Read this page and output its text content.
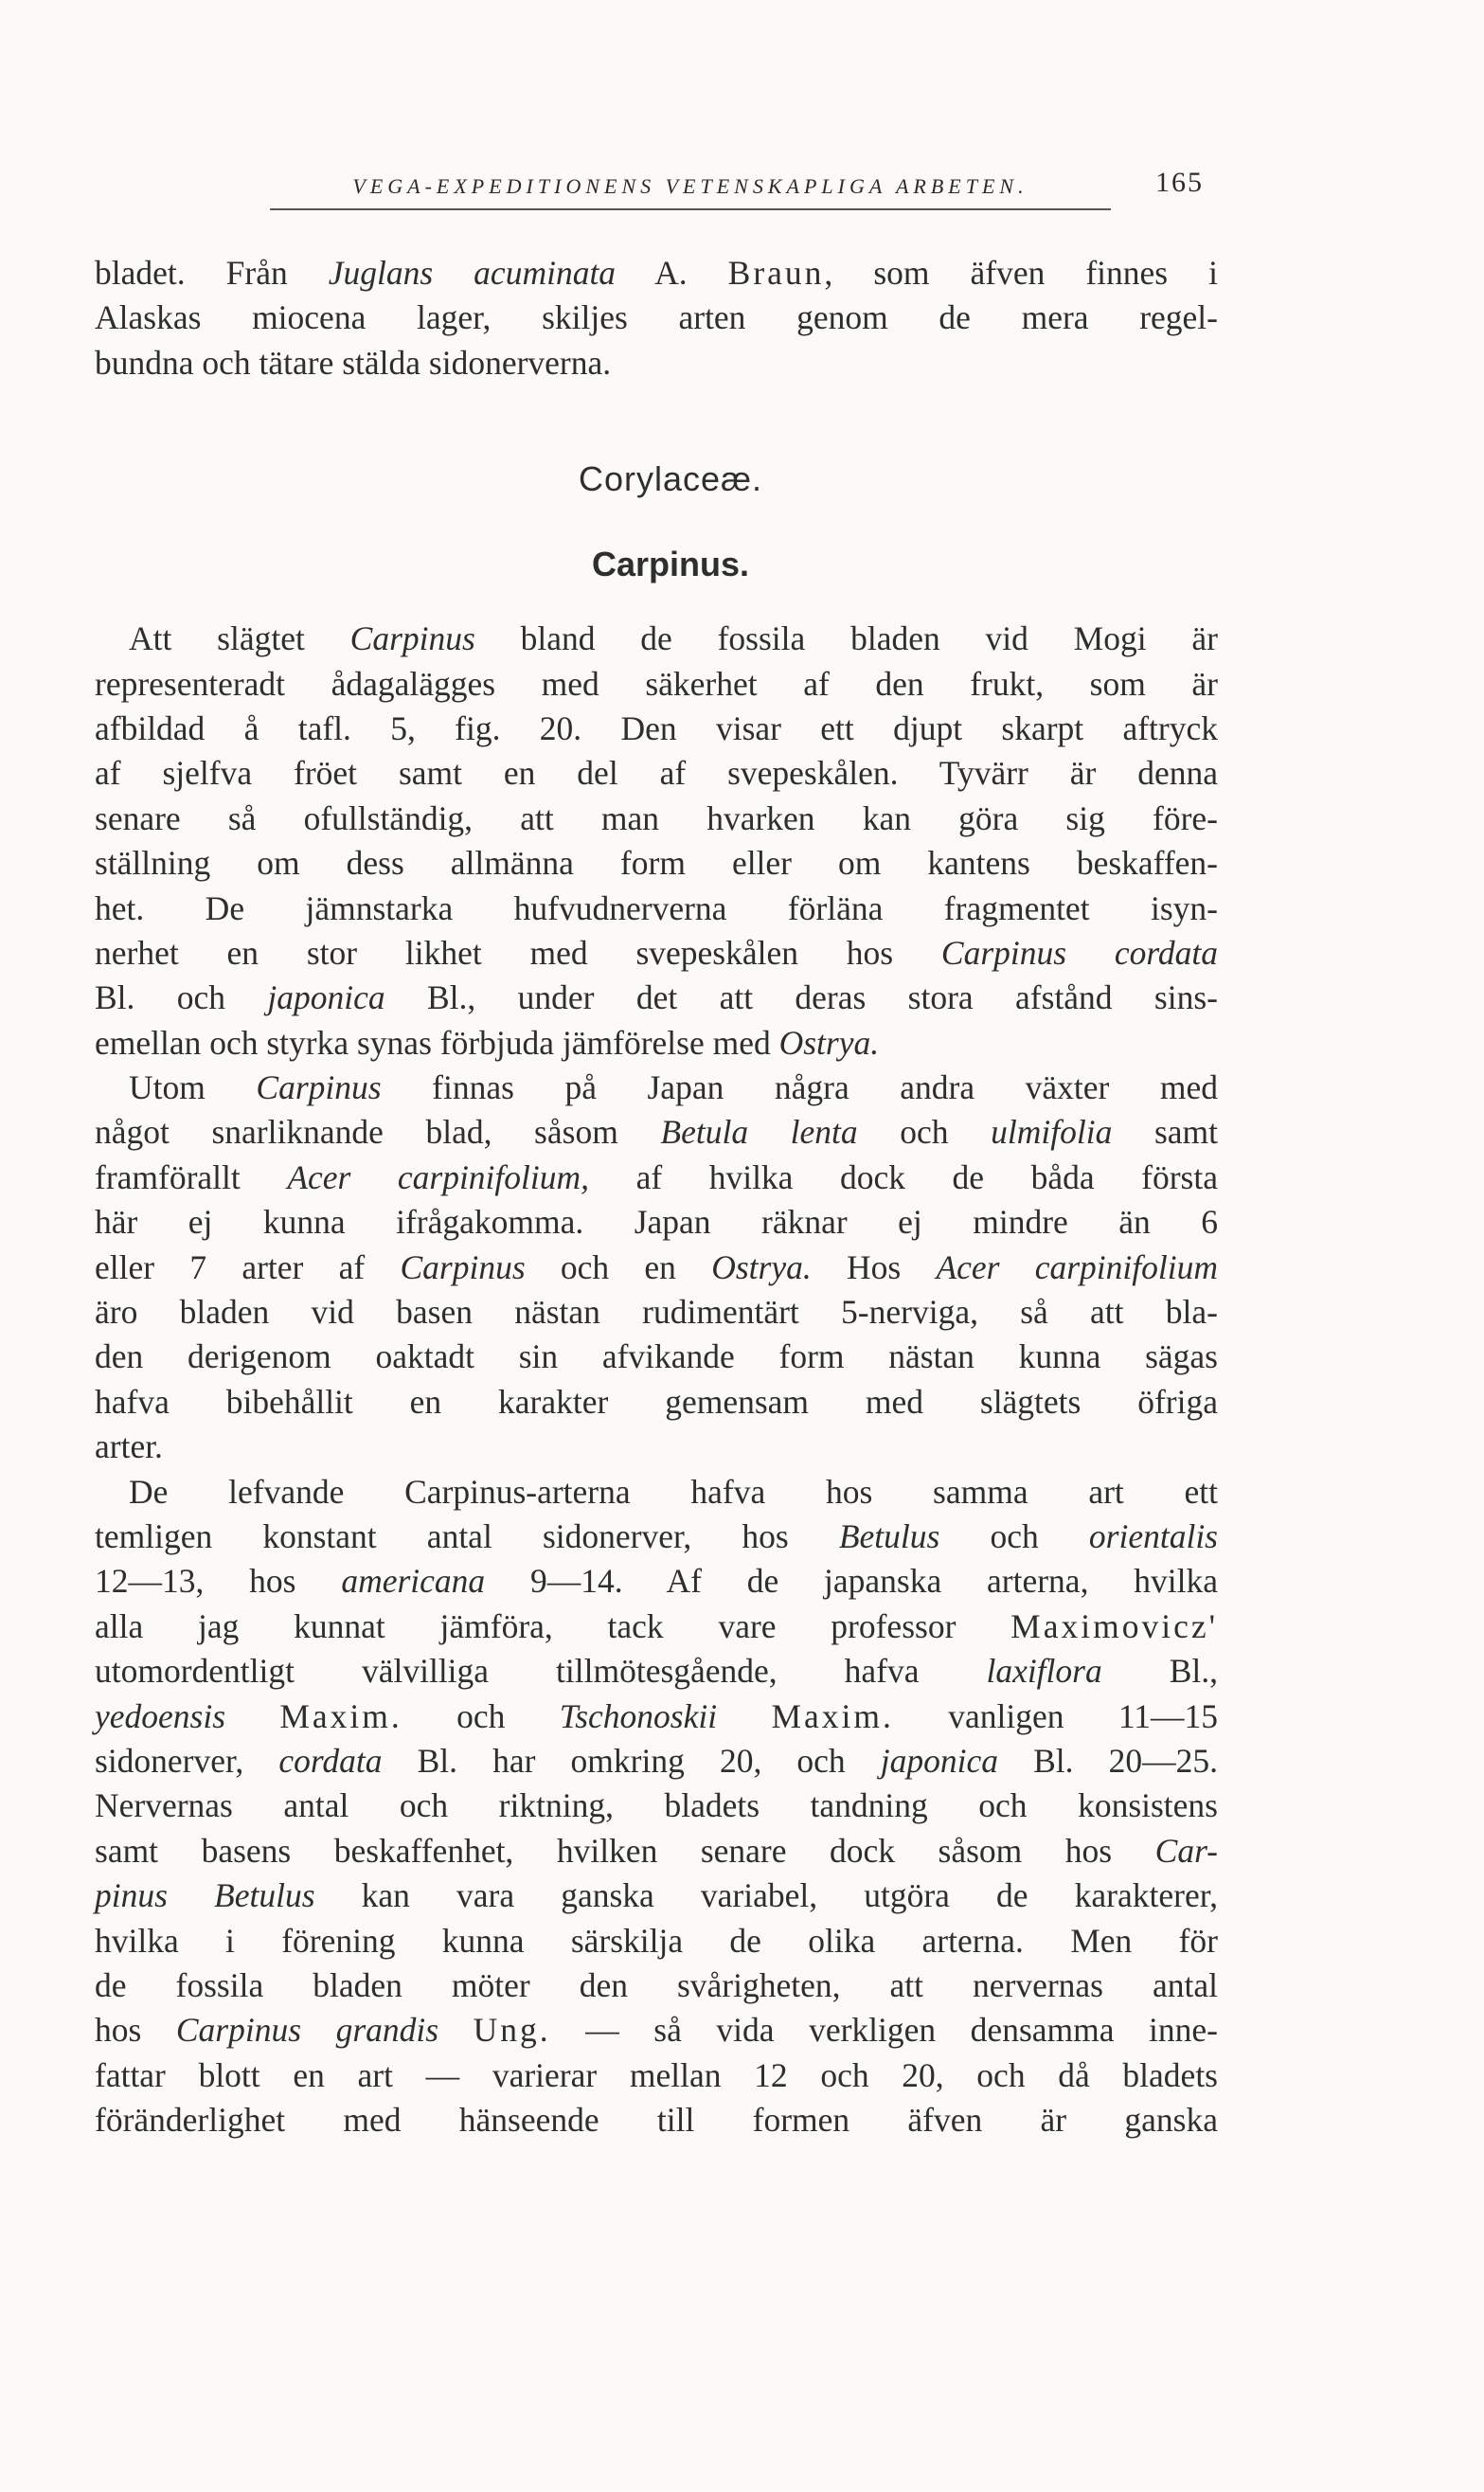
VEGA-EXPEDITIONENS VETENSKAPLIGA ARBETEN.	165
bladet. Från Juglans acuminata A. Braun, som äfven finnes i
Alaskas miocena lager, skiljes arten genom de mera regel-
bundna och tätare stälda sidonerverna.
Corylaceæ.
Carpinus.
Att slägtet Carpinus bland de fossila bladen vid Mogi är
representeradt ådagalägges med säkerhet af den frukt, som är
afbildad å tafl. 5, fig. 20. Den visar ett djupt skarpt aftryck
af sjelfva fröet samt en del af svepeskålen. Tyvärr är denna
senare så ofullständig, att man hvarken kan göra sig före-
ställning om dess allmänna form eller om kantens beskaffen-
het. De jämnstarka hufvudnerverna förläna fragmentet isyn-
nerhet en stor likhet med svepeskålen hos Carpinus cordata
Bl. och japonica Bl., under det att deras stora afstånd sins-
emellan och styrka synas förbjuda jämförelse med Ostrya.
Utom Carpinus finnas på Japan några andra växter med
något snarliknande blad, såsom Betula lenta och ulmifolia samt
framförallt Acer carpinifolium, af hvilka dock de båda första
här ej kunna ifrågakomma. Japan räknar ej mindre än 6
eller 7 arter af Carpinus och en Ostrya. Hos Acer carpinifolium
äro bladen vid basen nästan rudimentärt 5-nerviga, så att bla-
den derigenom oaktadt sin afvikande form nästan kunna sägas
hafva bibehållit en karakter gemensam med slägtets öfriga
arter.
De lefvande Carpinus-arterna hafva hos samma art ett
temligen konstant antal sidonerver, hos Betulus och orientalis
12—13, hos americana 9—14. Af de japanska arterna, hvilka
alla jag kunnat jämföra, tack vare professor Maximovicz'
utomordentligt välvilliga tillmötesgående, hafva laxiflora Bl.,
yedoensis Maxim. och Tschonoskii Maxim. vanligen 11—15
sidonerver, cordata Bl. har omkring 20, och japonica Bl. 20—25.
Nervernas antal och riktning, bladets tandning och konsistens
samt basens beskaffenhet, hvilken senare dock såsom hos Car-
pinus Betulus kan vara ganska variabel, utgöra de karakterer,
hvilka i förening kunna särskilja de olika arterna. Men för
de fossila bladen möter den svårigheten, att nervernas antal
hos Carpinus grandis Ung. — så vida verkligen densamma inne-
fattar blott en art — varierar mellan 12 och 20, och då bladets
föränderlighet med hänseende till formen äfven är ganska
